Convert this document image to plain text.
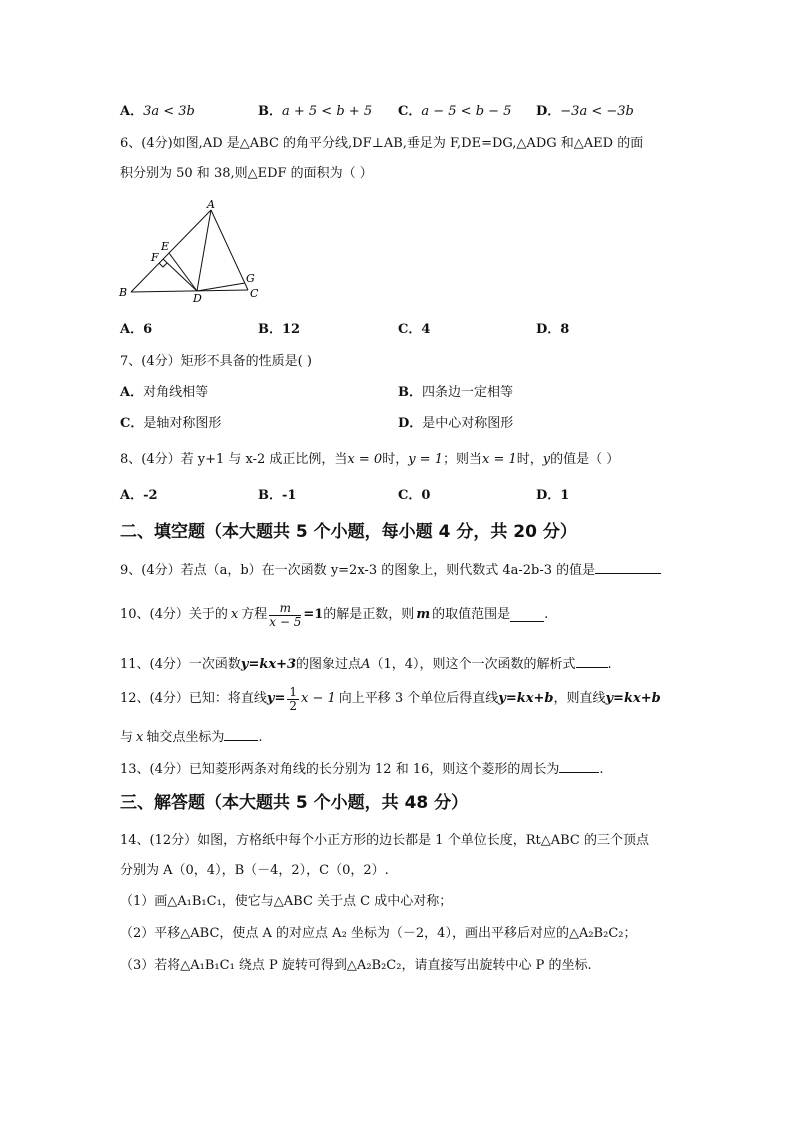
A．3a < 3b	B．a + 5 < b + 5 C．a − 5 < b − 5 D．−3a < −3b
6、(4分)如图,AD 是△ABC 的角平分线,DF⊥AB,垂足为 F,DE=DG,△ADG 和△AED 的面
积分别为 50 和 38,则△EDF 的面积为（ ）
A
B	C
D
E
F
G
A．6	B．12	C．4	D．8
7、(4分）矩形不具备的性质是( )
A．对角线相等	B．四条边一定相等
C．是轴对称图形	D．是中心对称图形
8、(4分）若 y+1 与 x-2 成正比例，当x = 0时，y = 1；则当x = 1时，y的值是（ ）
A．-2	B．-1	C．0	D．1
二、填空题（本大题共 5 个小题，每小题 4 分，共 20 分）
9、(4分）若点（a，b）在一次函数 y=2x-3 的图象上，则代数式 4a-2b-3 的值是
10、(4分）关于的 x 方程 $\frac{m}{x - 5} =1$ 的解是正数，则 m 的取值范围是	.
11、(4分）一次函数y=kx+3的图象过点A（1，4），则这个一次函数的解析式 .
12、(4分）已知：将直线 $y= \frac{1}{2}$ x − 1 向上平移 3 个单位后得直线 y=kx+b ，则直线 y=kx+b
与 x 轴交点坐标为	.
13、(4分）已知菱形两条对角线的长分别为 12 和 16，则这个菱形的周长为	.
三、解答题（本大题共 5 个小题，共 48 分）
14、(12分）如图，方格纸中每个小正方形的边长都是 1 个单位长度，Rt△ABC 的三个顶点
分别为 A（0，4），B（－4，2），C（0，2）.
（1）画△A₁B₁C₁，使它与△ABC 关于点 C 成中心对称；
（2）平移△ABC，使点 A 的对应点 A₂ 坐标为（－2，4），画出平移后对应的△A₂B₂C₂；
（3）若将△A₁B₁C₁ 绕点 P 旋转可得到△A₂B₂C₂，请直接写出旋转中心 P 的坐标.
